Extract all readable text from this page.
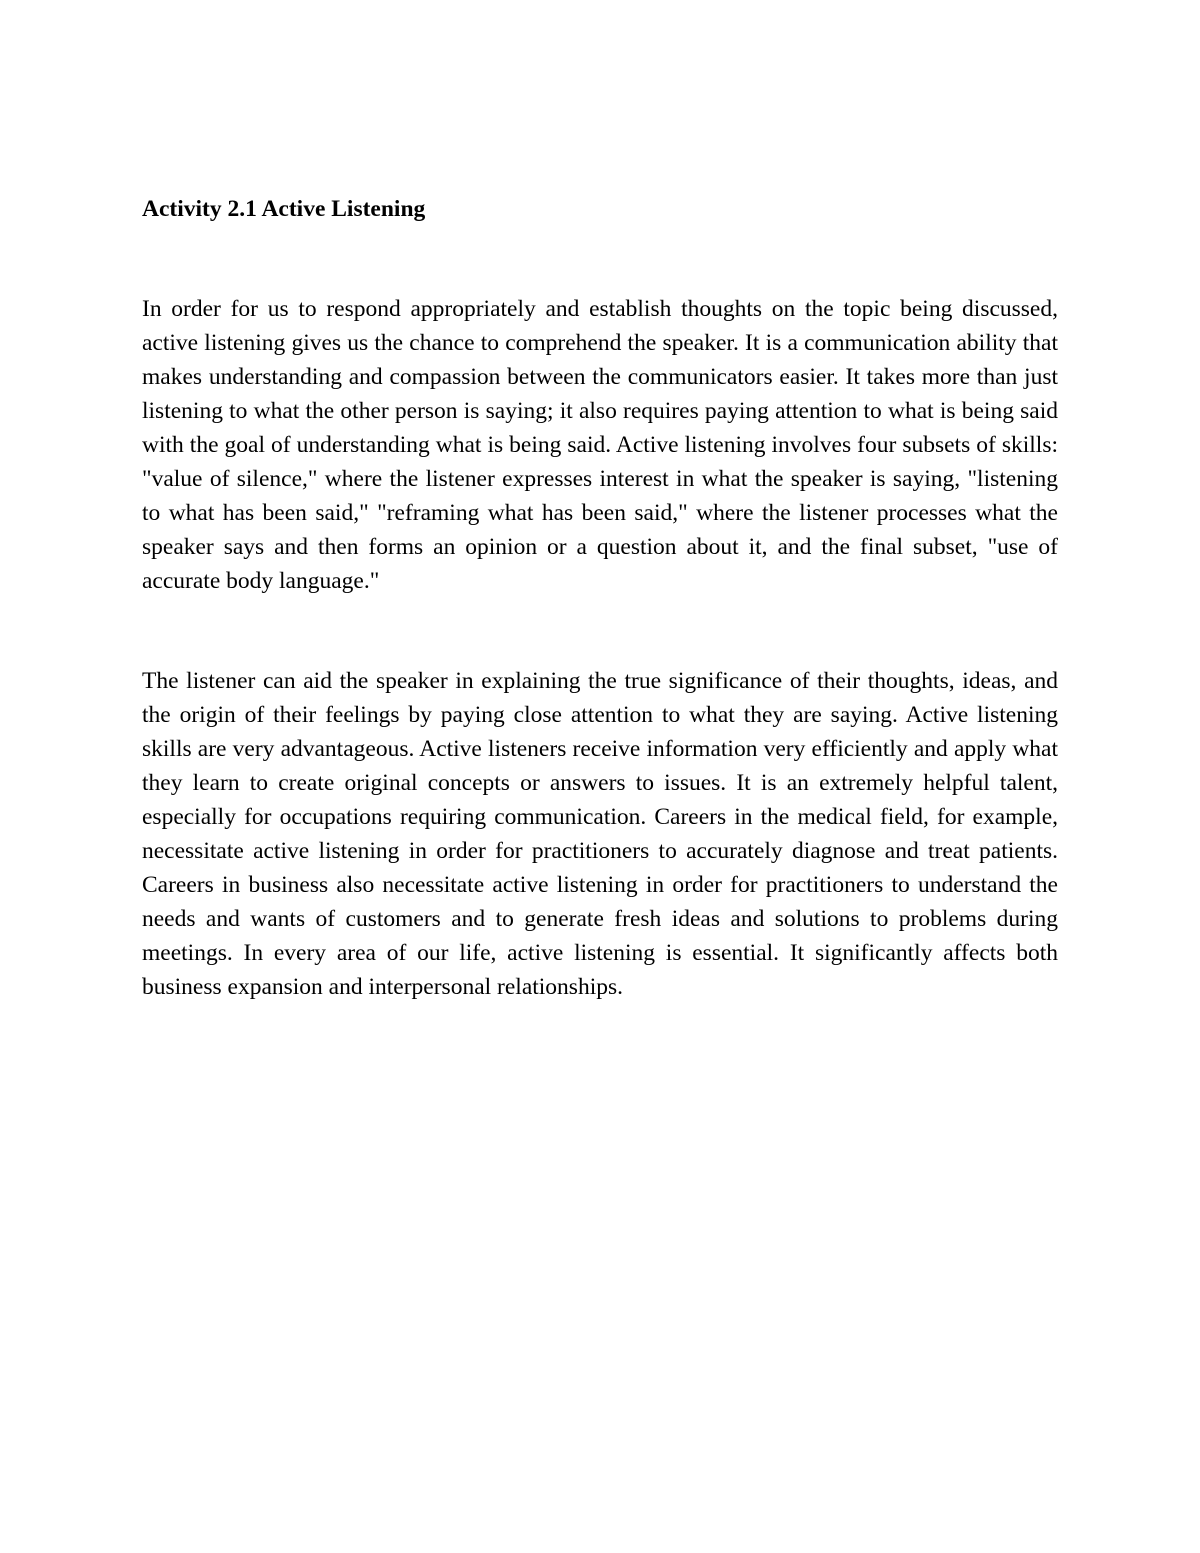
Activity 2.1 Active Listening

In order for us to respond appropriately and establish thoughts on the topic being discussed, active listening gives us the chance to comprehend the speaker. It is a communication ability that makes understanding and compassion between the communicators easier. It takes more than just listening to what the other person is saying; it also requires paying attention to what is being said with the goal of understanding what is being said. Active listening involves four subsets of skills: "value of silence," where the listener expresses interest in what the speaker is saying, "listening to what has been said," "reframing what has been said," where the listener processes what the speaker says and then forms an opinion or a question about it, and the final subset, "use of accurate body language."

The listener can aid the speaker in explaining the true significance of their thoughts, ideas, and the origin of their feelings by paying close attention to what they are saying. Active listening skills are very advantageous. Active listeners receive information very efficiently and apply what they learn to create original concepts or answers to issues. It is an extremely helpful talent, especially for occupations requiring communication. Careers in the medical field, for example, necessitate active listening in order for practitioners to accurately diagnose and treat patients. Careers in business also necessitate active listening in order for practitioners to understand the needs and wants of customers and to generate fresh ideas and solutions to problems during meetings. In every area of our life, active listening is essential. It significantly affects both business expansion and interpersonal relationships.
